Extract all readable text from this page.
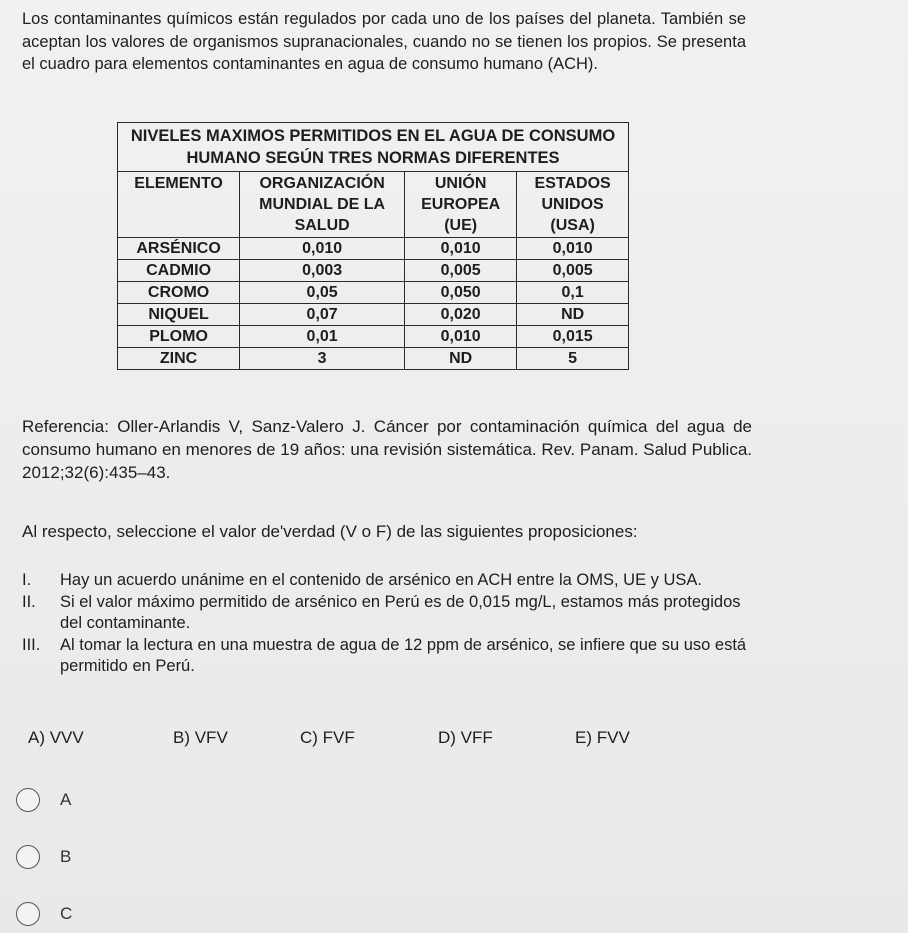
Los contaminantes químicos están regulados por cada uno de los países del planeta. También se aceptan los valores de organismos supranacionales, cuando no se tienen los propios. Se presenta el cuadro para elementos contaminantes en agua de consumo humano (ACH).
NIVELES MAXIMOS PERMITIDOS EN EL AGUA DE CONSUMO HUMANO SEGÚN TRES NORMAS DIFERENTES			
ELEMENTO	ORGANIZACIÓN MUNDIAL DE LA SALUD	UNIÓN EUROPEA (UE)	ESTADOS UNIDOS (USA)
ARSÉNICO	0,010	0,010	0,010
CADMIO	0,003	0,005	0,005
CROMO	0,05	0,050	0,1
NIQUEL	0,07	0,020	ND
PLOMO	0,01	0,010	0,015
ZINC	3	ND	5
Referencia: Oller-Arlandis V, Sanz-Valero J. Cáncer por contaminación química del agua de consumo humano en menores de 19 años: una revisión sistemática. Rev. Panam. Salud Publica. 2012;32(6):435–43.
Al respecto, seleccione el valor de'verdad (V o F) de las siguientes proposiciones:
I.	Hay un acuerdo unánime en el contenido de arsénico en ACH entre la OMS, UE y USA.
II.	Si el valor máximo permitido de arsénico en Perú es de 0,015 mg/L, estamos más protegidos del contaminante.
III.	Al tomar la lectura en una muestra de agua de 12 ppm de arsénico, se infiere que su uso está permitido en Perú.
A) VVV	B) VFV	C) FVF	D) VFF	E) FVV
A
B
C
